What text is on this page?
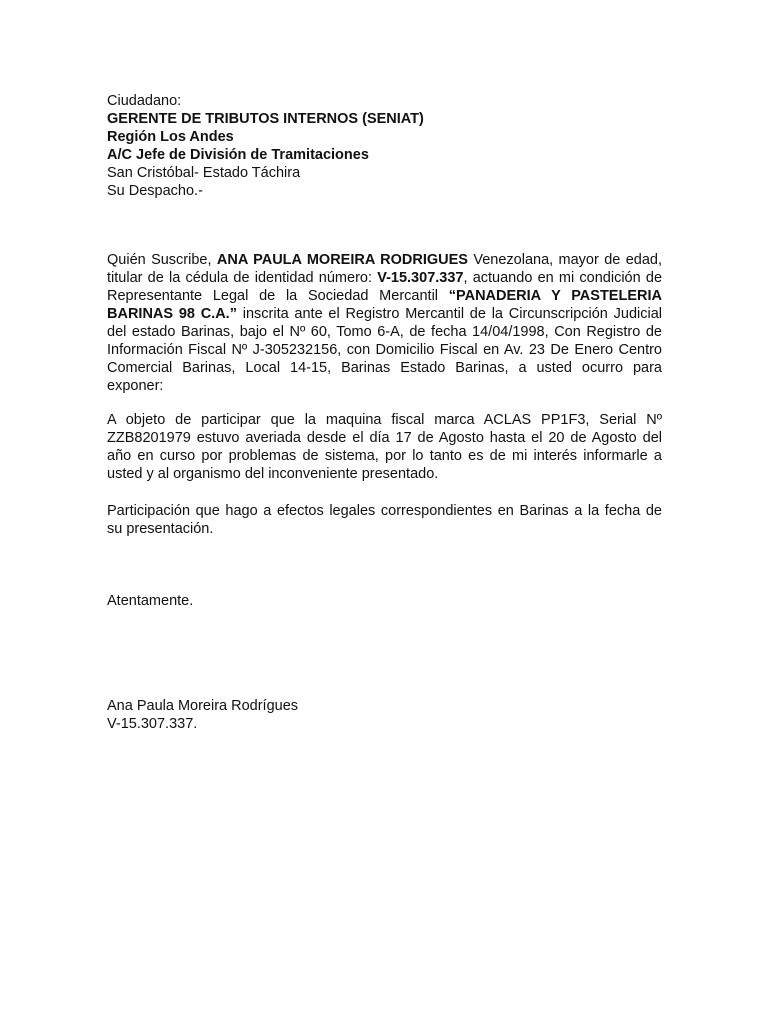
Ciudadano:
GERENTE DE TRIBUTOS INTERNOS (SENIAT)
Región Los Andes
A/C Jefe de División de Tramitaciones
San Cristóbal- Estado Táchira
Su Despacho.-
Quién Suscribe, ANA PAULA MOREIRA RODRIGUES Venezolana, mayor de edad, titular de la cédula de identidad número: V-15.307.337, actuando en mi condición de Representante Legal de la Sociedad Mercantil “PANADERIA Y PASTELERIA BARINAS 98 C.A.” inscrita ante el Registro Mercantil de la Circunscripción Judicial del estado Barinas, bajo el Nº 60, Tomo 6-A, de fecha 14/04/1998, Con Registro de Información Fiscal Nº J-305232156, con Domicilio Fiscal en Av. 23 De Enero Centro Comercial Barinas, Local 14-15, Barinas Estado Barinas, a usted ocurro para exponer:
A objeto de participar que la maquina fiscal marca ACLAS PP1F3, Serial Nº ZZB8201979 estuvo averiada desde el día 17 de Agosto hasta el 20 de Agosto del año en curso por problemas de sistema, por lo tanto es de mi interés informarle a usted y al organismo del inconveniente presentado.
Participación que hago a efectos legales correspondientes en Barinas a la fecha de su presentación.
Atentamente.
Ana Paula Moreira Rodrígues
V-15.307.337.
